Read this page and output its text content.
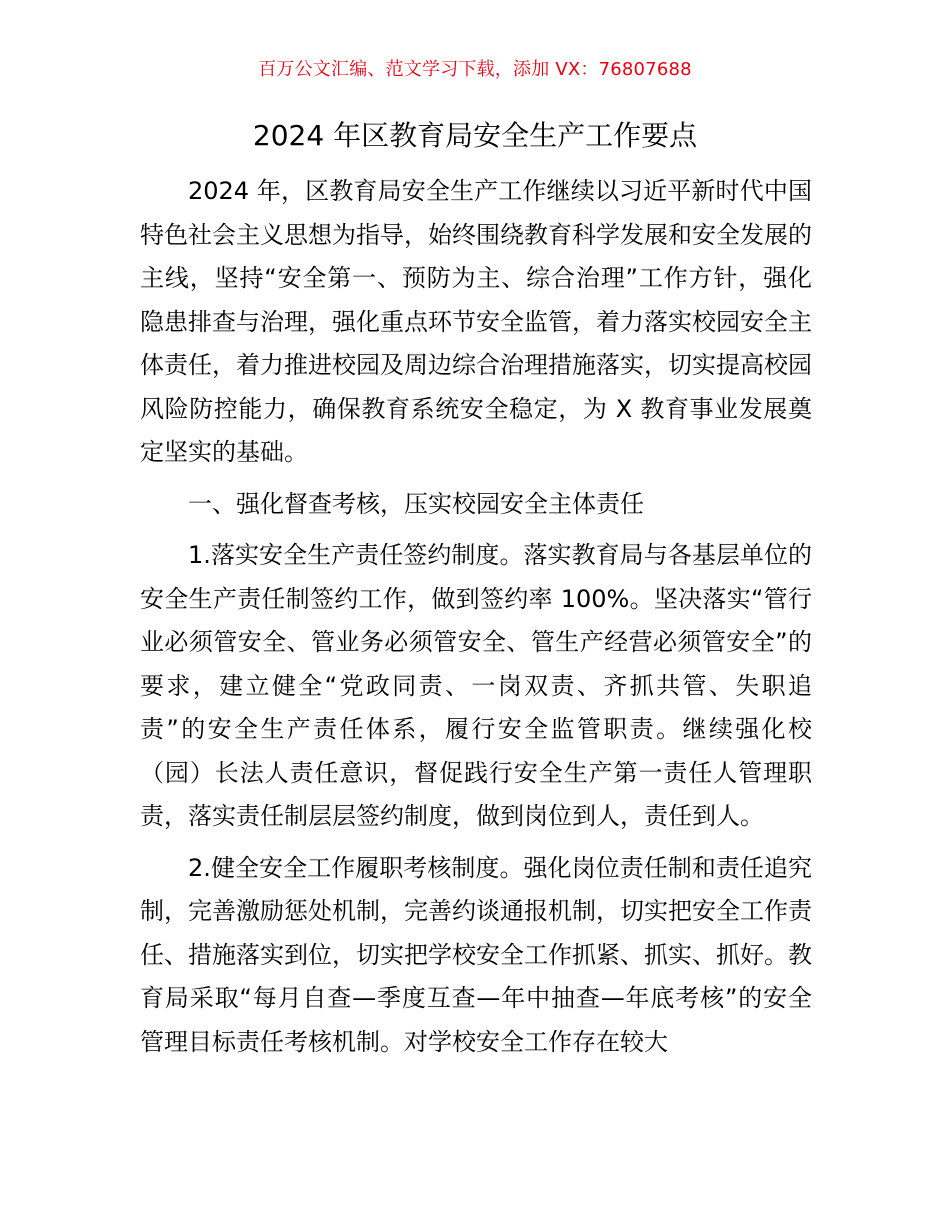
百万公文汇编、范文学习下载，添加 VX：76807688
2024 年区教育局安全生产工作要点

2024 年，区教育局安全生产工作继续以习近平新时代中国特色社会主义思想为指导，始终围绕教育科学发展和安全发展的主线，坚持“安全第一、预防为主、综合治理”工作方针，强化隐患排查与治理，强化重点环节安全监管，着力落实校园安全主体责任，着力推进校园及周边综合治理措施落实，切实提高校园风险防控能力，确保教育系统安全稳定，为 X 教育事业发展奠定坚实的基础。

一、强化督查考核，压实校园安全主体责任

1.落实安全生产责任签约制度。落实教育局与各基层单位的安全生产责任制签约工作，做到签约率 100%。坚决落实“管行业必须管安全、管业务必须管安全、管生产经营必须管安全”的要求，建立健全“党政同责、一岗双责、齐抓共管、失职追责”的安全生产责任体系，履行安全监管职责。继续强化校（园）长法人责任意识，督促践行安全生产第一责任人管理职责，落实责任制层层签约制度，做到岗位到人，责任到人。

2.健全安全工作履职考核制度。强化岗位责任制和责任追究制，完善激励惩处机制，完善约谈通报机制，切实把安全工作责任、措施落实到位，切实把学校安全工作抓紧、抓实、抓好。教育局采取“每月自查—季度互查—年中抽查—年底考核”的安全管理目标责任考核机制。对学校安全工作存在较大
